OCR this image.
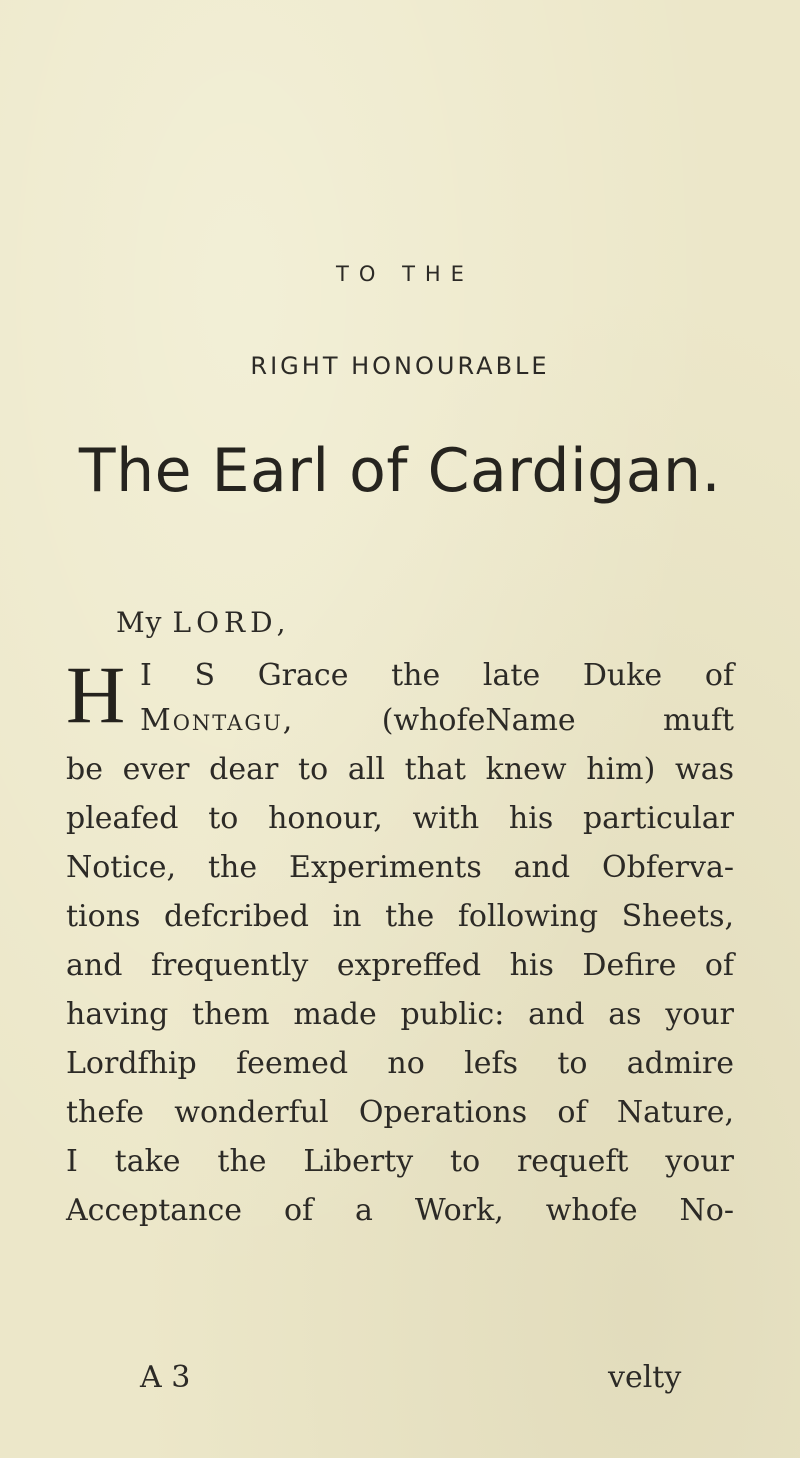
TO THE
RIGHT HONOURABLE
The Earl of Cardigan.
My LORD,
H I S Grace the late Duke of
Montagu,	(whofeName muft
be ever dear to all that knew him) was
pleafed to honour, with his particular
Notice, the Experiments and Obferva-
tions defcribed in the following Sheets,
and frequently expreffed his Defire of
having them made public: and as your
Lordfhip feemed no lefs to admire
thefe wonderful Operations of Nature,
I take the Liberty to requeft your
Acceptance of a Work, whofe No-
A 3	velty
